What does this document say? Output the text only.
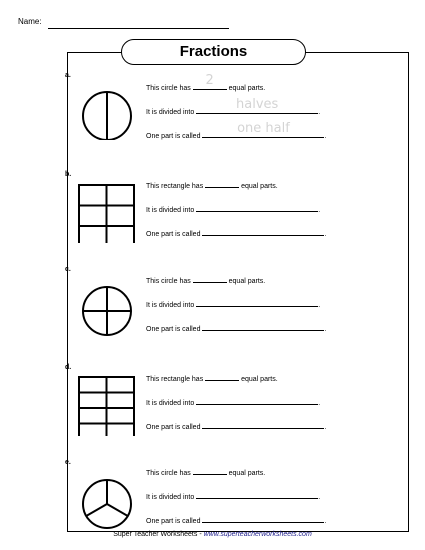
Name:
Fractions
a.
This circle has
2
equal parts.
It is divided into
halves
.
One part is called
one half
.
b.
This rectangle has	equal parts.
It is divided into	.
One part is called	.
c.
This circle has	equal parts.
It is divided into	.
One part is called	.
d.
This rectangle has	equal parts.
It is divided into	.
One part is called	.
e.
This circle has	equal parts.
It is divided into	.
One part is called	.
Super Teacher Worksheets - www.superteacherworksheets.com
